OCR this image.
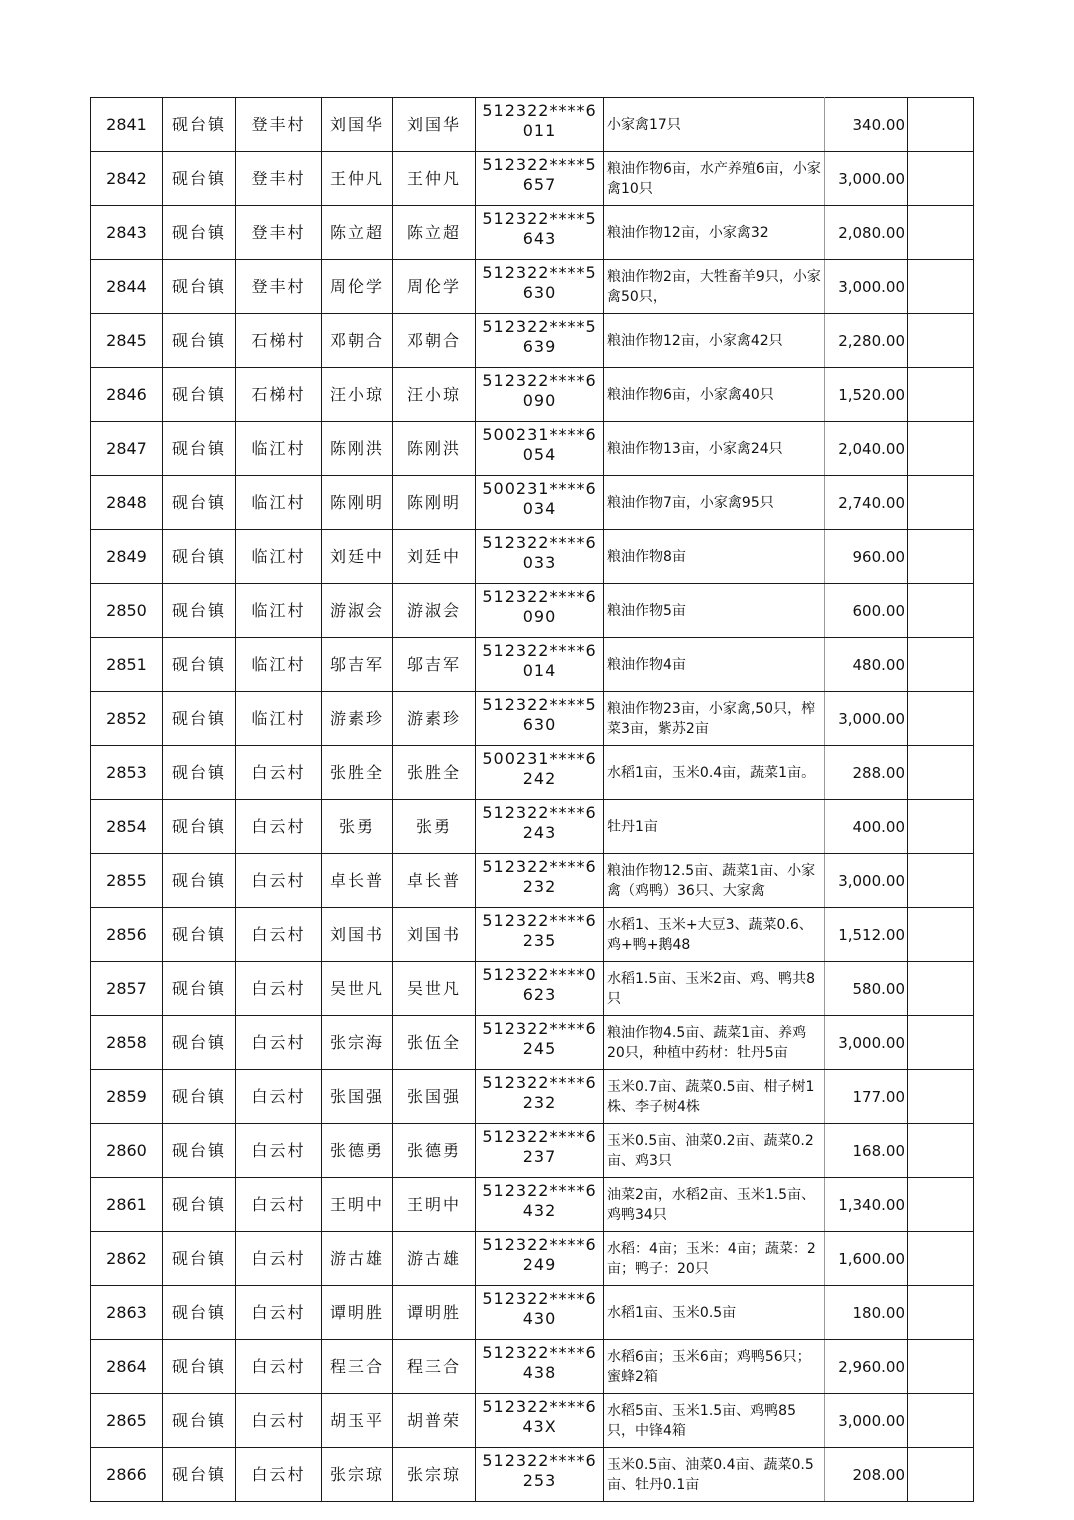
2841	砚台镇	登丰村	刘国华	刘国华	512322****6011	小家禽17只	340.00	
2842	砚台镇	登丰村	王仲凡	王仲凡	512322****5657	粮油作物6亩，水产养殖6亩，小家禽10只	3,000.00	
2843	砚台镇	登丰村	陈立超	陈立超	512322****5643	粮油作物12亩，小家禽32	2,080.00	
2844	砚台镇	登丰村	周伦学	周伦学	512322****5630	粮油作物2亩，大牲畜羊9只，小家禽50只，	3,000.00	
2845	砚台镇	石梯村	邓朝合	邓朝合	512322****5639	粮油作物12亩，小家禽42只	2,280.00	
2846	砚台镇	石梯村	汪小琼	汪小琼	512322****6090	粮油作物6亩，小家禽40只	1,520.00	
2847	砚台镇	临江村	陈刚洪	陈刚洪	500231****6054	粮油作物13亩，小家禽24只	2,040.00	
2848	砚台镇	临江村	陈刚明	陈刚明	500231****6034	粮油作物7亩，小家禽95只	2,740.00	
2849	砚台镇	临江村	刘廷中	刘廷中	512322****6033	粮油作物8亩	960.00	
2850	砚台镇	临江村	游淑会	游淑会	512322****6090	粮油作物5亩	600.00	
2851	砚台镇	临江村	邬吉军	邬吉军	512322****6014	粮油作物4亩	480.00	
2852	砚台镇	临江村	游素珍	游素珍	512322****5630	粮油作物23亩，小家禽,50只，榨菜3亩，紫苏2亩	3,000.00	
2853	砚台镇	白云村	张胜全	张胜全	500231****6242	水稻1亩，玉米0.4亩，蔬菜1亩。	288.00	
2854	砚台镇	白云村	张勇	张勇	512322****6243	牡丹1亩	400.00	
2855	砚台镇	白云村	卓长普	卓长普	512322****6232	粮油作物12.5亩、蔬菜1亩、小家禽（鸡鸭）36只、大家禽	3,000.00	
2856	砚台镇	白云村	刘国书	刘国书	512322****6235	水稻1、玉米+大豆3、蔬菜0.6、鸡+鸭+鹅48	1,512.00	
2857	砚台镇	白云村	吴世凡	吴世凡	512322****0623	水稻1.5亩、玉米2亩、鸡、鸭共8只	580.00	
2858	砚台镇	白云村	张宗海	张伍全	512322****6245	粮油作物4.5亩、蔬菜1亩、养鸡20只，种植中药材：牡丹5亩	3,000.00	
2859	砚台镇	白云村	张国强	张国强	512322****6232	玉米0.7亩、蔬菜0.5亩、柑子树1株、李子树4株	177.00	
2860	砚台镇	白云村	张德勇	张德勇	512322****6237	玉米0.5亩、油菜0.2亩、蔬菜0.2亩、鸡3只	168.00	
2861	砚台镇	白云村	王明中	王明中	512322****6432	油菜2亩，水稻2亩、玉米1.5亩、鸡鸭34只	1,340.00	
2862	砚台镇	白云村	游古雄	游古雄	512322****6249	水稻：4亩；玉米：4亩；蔬菜：2亩；鸭子：20只	1,600.00	
2863	砚台镇	白云村	谭明胜	谭明胜	512322****6430	水稻1亩、玉米0.5亩	180.00	
2864	砚台镇	白云村	程三合	程三合	512322****6438	水稻6亩；玉米6亩；鸡鸭56只；蜜蜂2箱	2,960.00	
2865	砚台镇	白云村	胡玉平	胡普荣	512322****643X	水稻5亩、玉米1.5亩、鸡鸭85只，中锋4箱	3,000.00	
2866	砚台镇	白云村	张宗琼	张宗琼	512322****6253	玉米0.5亩、油菜0.4亩、蔬菜0.5亩、牡丹0.1亩	208.00	
